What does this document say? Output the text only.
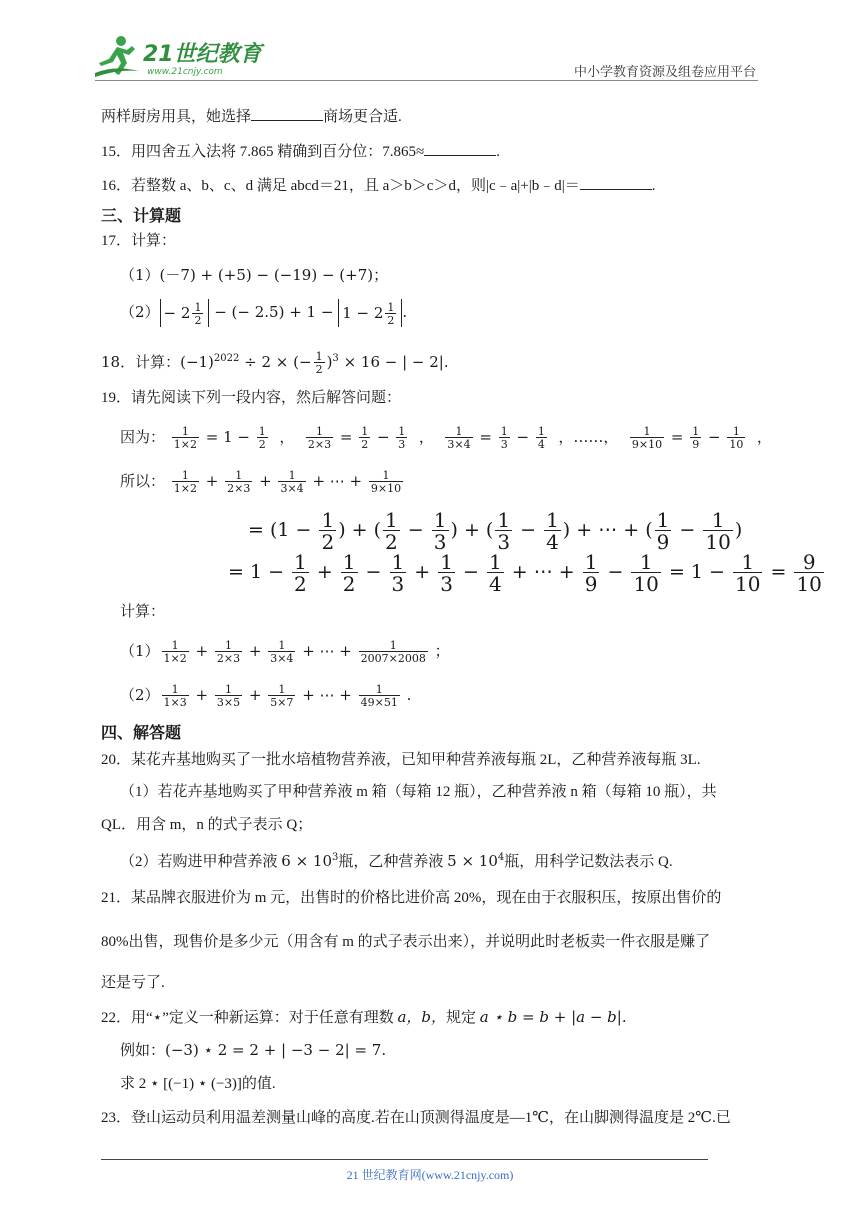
21世纪教育
www.21cnjy.com	中小学教育资源及组卷应用平台
两样厨房用具，她选择	商场更合适.
15．用四舍五入法将 7.865 精确到百分位：7.865≈	.
16．若整数 a、b、c、d 满足 abcd＝21，且 a＞b＞c＞d，则|c﹣a|+|b﹣d|＝	.
三、计算题
17．计算：
（1）(－7) + (+5) − (−19) − (+7)；
$(2) - 2 \frac{1}{2}$ − (− $2.5) + 1 - 1 - 2 \frac{1}{2}$ .
18．计算：$(-1)^{2022} \div 2$ × (− $\frac{1}{2} )^3 \times 16$ − | − 2|.
19．请先阅读下列一段内容，然后解答问题：
因为： $\frac{1}{1\times 2} = 1 - \frac{1}{2}$ ， $\frac{1}{2\times 3} = \frac{1}{2} - \frac{1}{3}$ ， $\frac{1}{3\times 4} = \frac{1}{3} - \frac{1}{4}$ ，……， $\frac{1}{9\times 10} = \frac{1}{9} - \frac{1}{10}$ ，
所以： $\frac{1}{1\times 2} + \frac{1}{2\times 3} + \frac{1}{3\times 4}$ + ⋯ + $\frac{1}{9\times 10}$
= ($1 - \frac{1}{2}$ ) + ( $\frac{1}{2} - \frac{1}{3}$ ) + ( $\frac{1}{3} - \frac{1}{4}$ ) + ⋯ + ( $\frac{1}{9} - \frac{1}{10}$ )
= $1 - \frac{1}{2} + \frac{1}{2} - \frac{1}{3} + \frac{1}{3} - \frac{1}{4}$ + ⋯ + $\frac{1}{9} - \frac{1}{10} = 1 - \frac{1}{10} = \frac{9}{10}$
计算：
$(1) \frac{1}{1\times 2} + \frac{1}{2\times 3} + \frac{1}{3\times 4}$ + ⋯ + $\frac{1}{2007\times 2008}$ ；
$(2) \frac{1}{1\times 3} + \frac{1}{3\times 5} + \frac{1}{5\times 7}$ + ⋯ + $\frac{1}{49\times 51}$ .
四、解答题
20．某花卉基地购买了一批水培植物营养液，已知甲种营养液每瓶 2L，乙种营养液每瓶 3L.
（1）若花卉基地购买了甲种营养液 m 箱（每箱 12 瓶），乙种营养液 n 箱（每箱 10 瓶），共
QL．用含 m，n 的式子表示 Q；
（2）若购进甲种营养液 $6 \times 10^3$瓶，乙种营养液 $5 \times 10^4$瓶，用科学记数法表示 Q.
21．某品牌衣服进价为 m 元，出售时的价格比进价高 20%，现在由于衣服积压，按原出售价的
80%出售，现售价是多少元（用含有 m 的式子表示出来），并说明此时老板卖一件衣服是赚了
还是亏了.
22．用“⋆”定义一种新运算：对于任意有理数 a，b，规定 a ⋆ b = b + |a − b|.
例如：(−3) ⋆ 2 = 2 + | −3 − 2| = 7.
求 2 ⋆ [(−1) ⋆ (−3)]的值.
23．登山运动员利用温差测量山峰的高度.若在山顶测得温度是—1℃，在山脚测得温度是 2℃.已
21 世纪教育网(www.21cnjy.com)
